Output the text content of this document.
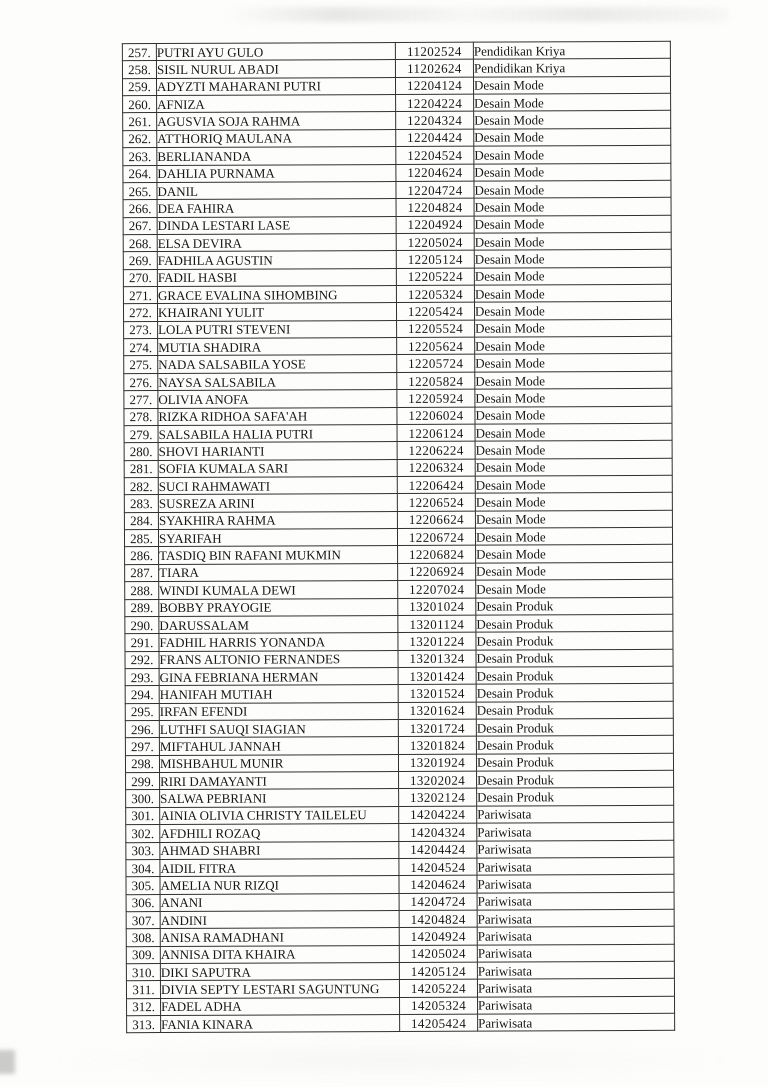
257.	PUTRI AYU GULO	11202524	Pendidikan Kriya
258.	SISIL NURUL ABADI	11202624	Pendidikan Kriya
259.	ADYZTI MAHARANI PUTRI	12204124	Desain Mode
260.	AFNIZA	12204224	Desain Mode
261.	AGUSVIA SOJA RAHMA	12204324	Desain Mode
262.	ATTHORIQ MAULANA	12204424	Desain Mode
263.	BERLIANANDA	12204524	Desain Mode
264.	DAHLIA PURNAMA	12204624	Desain Mode
265.	DANIL	12204724	Desain Mode
266.	DEA FAHIRA	12204824	Desain Mode
267.	DINDA LESTARI LASE	12204924	Desain Mode
268.	ELSA DEVIRA	12205024	Desain Mode
269.	FADHILA AGUSTIN	12205124	Desain Mode
270.	FADIL HASBI	12205224	Desain Mode
271.	GRACE EVALINA SIHOMBING	12205324	Desain Mode
272.	KHAIRANI YULIT	12205424	Desain Mode
273.	LOLA PUTRI STEVENI	12205524	Desain Mode
274.	MUTIA SHADIRA	12205624	Desain Mode
275.	NADA SALSABILA YOSE	12205724	Desain Mode
276.	NAYSA SALSABILA	12205824	Desain Mode
277.	OLIVIA ANOFA	12205924	Desain Mode
278.	RIZKA RIDHOA SAFA'AH	12206024	Desain Mode
279.	SALSABILA HALIA PUTRI	12206124	Desain Mode
280.	SHOVI HARIANTI	12206224	Desain Mode
281.	SOFIA KUMALA SARI	12206324	Desain Mode
282.	SUCI RAHMAWATI	12206424	Desain Mode
283.	SUSREZA ARINI	12206524	Desain Mode
284.	SYAKHIRA RAHMA	12206624	Desain Mode
285.	SYARIFAH	12206724	Desain Mode
286.	TASDIQ BIN RAFANI MUKMIN	12206824	Desain Mode
287.	TIARA	12206924	Desain Mode
288.	WINDI KUMALA DEWI	12207024	Desain Mode
289.	BOBBY PRAYOGIE	13201024	Desain Produk
290.	DARUSSALAM	13201124	Desain Produk
291.	FADHIL HARRIS YONANDA	13201224	Desain Produk
292.	FRANS ALTONIO FERNANDES	13201324	Desain Produk
293.	GINA FEBRIANA HERMAN	13201424	Desain Produk
294.	HANIFAH MUTIAH	13201524	Desain Produk
295.	IRFAN EFENDI	13201624	Desain Produk
296.	LUTHFI SAUQI SIAGIAN	13201724	Desain Produk
297.	MIFTAHUL JANNAH	13201824	Desain Produk
298.	MISHBAHUL MUNIR	13201924	Desain Produk
299.	RIRI DAMAYANTI	13202024	Desain Produk
300.	SALWA PEBRIANI	13202124	Desain Produk
301.	AINIA OLIVIA CHRISTY TAILELEU	14204224	Pariwisata
302.	AFDHILI ROZAQ	14204324	Pariwisata
303.	AHMAD SHABRI	14204424	Pariwisata
304.	AIDIL FITRA	14204524	Pariwisata
305.	AMELIA NUR RIZQI	14204624	Pariwisata
306.	ANANI	14204724	Pariwisata
307.	ANDINI	14204824	Pariwisata
308.	ANISA RAMADHANI	14204924	Pariwisata
309.	ANNISA DITA KHAIRA	14205024	Pariwisata
310.	DIKI SAPUTRA	14205124	Pariwisata
311.	DIVIA SEPTY LESTARI SAGUNTUNG	14205224	Pariwisata
312.	FADEL ADHA	14205324	Pariwisata
313.	FANIA KINARA	14205424	Pariwisata
